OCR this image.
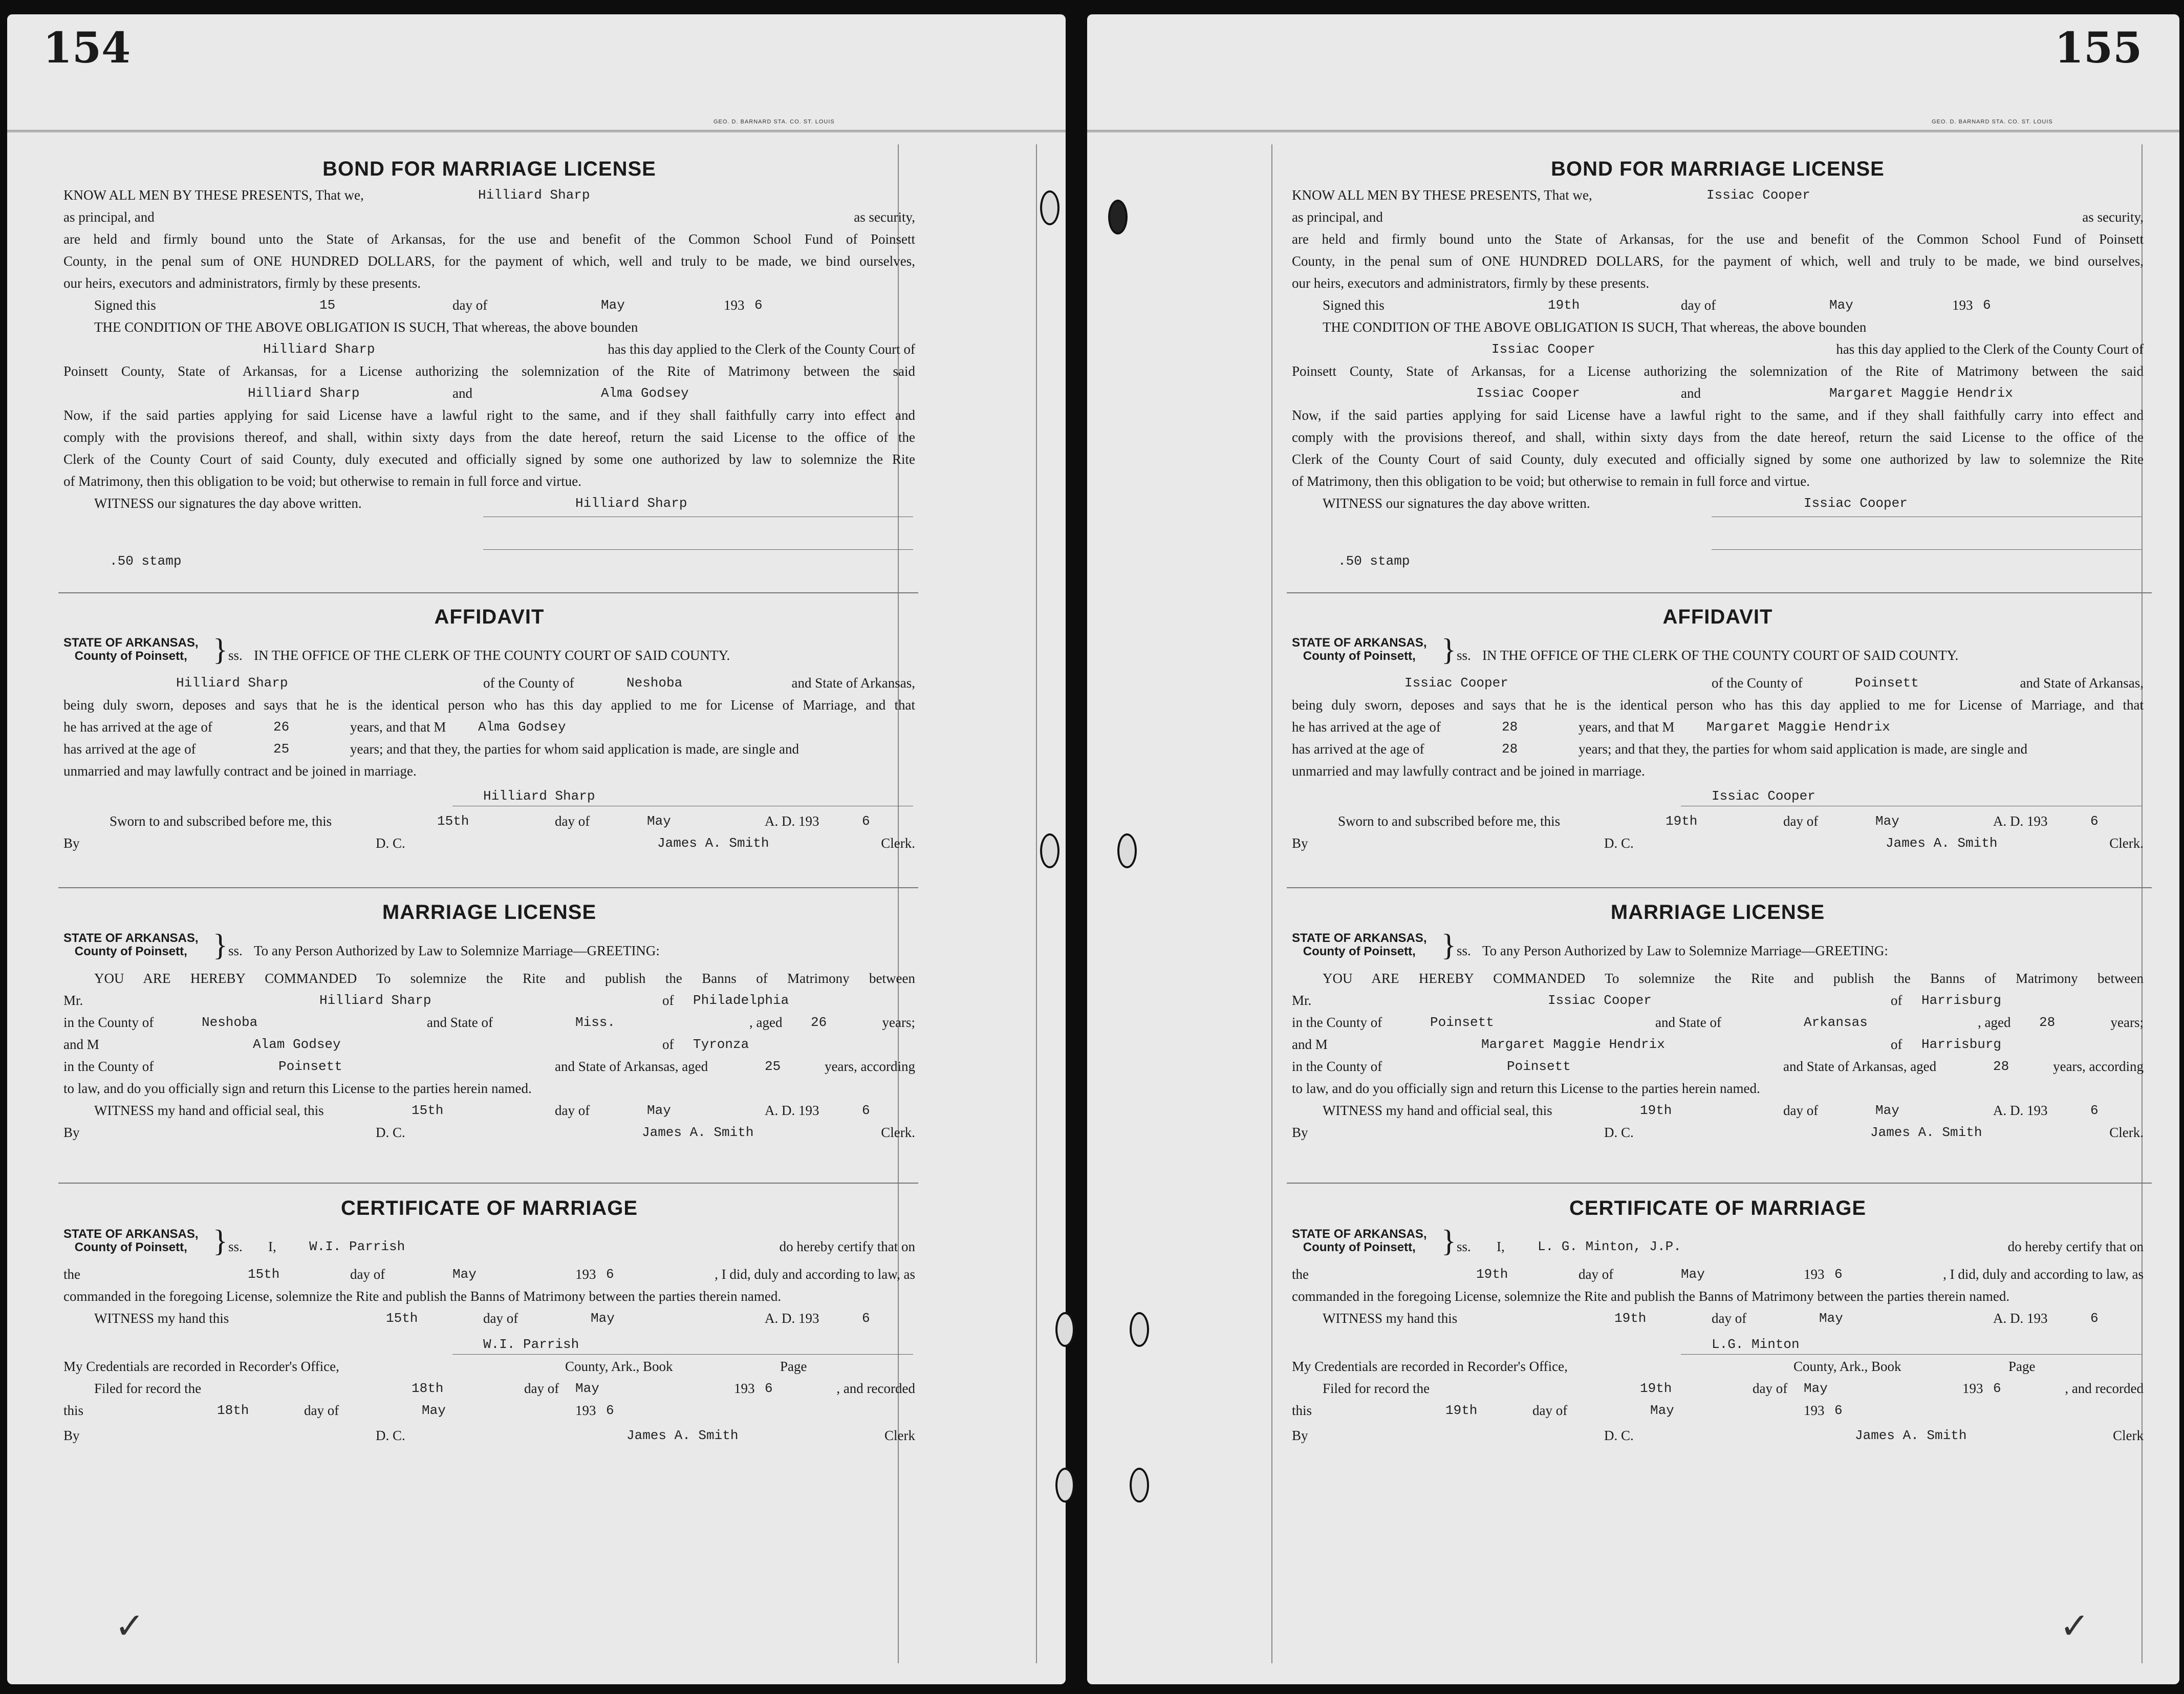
154
GEO. D. BARNARD STA. CO. ST. LOUIS
BOND FOR MARRIAGE LICENSE
KNOW ALL MEN BY THESE PRESENTS, That we,	Hilliard Sharp
as principal, and	as security,
are held and firmly bound unto the State of Arkansas, for the use and benefit of the Common School Fund of Poinsett
County, in the penal sum of ONE HUNDRED DOLLARS, for the payment of which, well and truly to be made, we bind ourselves,
our heirs, executors and administrators, firmly by these presents.
Signed this	15	day of	May	193 6
THE CONDITION OF THE ABOVE OBLIGATION IS SUCH, That whereas, the above bounden
Hilliard Sharp	has this day applied to the Clerk of the County Court of
Poinsett County, State of Arkansas, for a License authorizing the solemnization of the Rite of Matrimony between the said
Hilliard Sharp	and	Alma Godsey
Now, if the said parties applying for said License have a lawful right to the same, and if they shall faithfully carry into effect and
comply with the provisions thereof, and shall, within sixty days from the date hereof, return the said License to the office of the
Clerk of the County Court of said County, duly executed and officially signed by some one authorized by law to solemnize the Rite
of Matrimony, then this obligation to be void; but otherwise to remain in full force and virtue.
WITNESS our signatures the day above written.	Hilliard Sharp
.50 stamp
AFFIDAVIT
STATE OF ARKANSAS,
County of Poinsett, } ss. IN THE OFFICE OF THE CLERK OF THE COUNTY COURT OF SAID COUNTY.
Hilliard Sharp	of the County of	Neshoba	and State of Arkansas,
being duly sworn, deposes and says that he is the identical person who has this day applied to me for License of Marriage, and that
he has arrived at the age of	26	years, and that M Alma Godsey
has arrived at the age of	25	years; and that they, the parties for whom said application is made, are single and
unmarried and may lawfully contract and be joined in marriage.
Hilliard Sharp
Sworn to and subscribed before me, this	15th	day of	May	A. D. 193	6
By	D. C.	James A. Smith	Clerk.
MARRIAGE LICENSE
STATE OF ARKANSAS,
County of Poinsett, } ss. To any Person Authorized by Law to Solemnize Marriage—GREETING:
YOU ARE HEREBY COMMANDED To solemnize the Rite and publish the Banns of Matrimony between
Mr.	Hilliard Sharp	of Philadelphia
in the County of	Neshoba	and State of	Miss.	, aged 26	years;
and M	Alam Godsey	of Tyronza
in the County of	Poinsett	and State of Arkansas, aged	25	years, according
to law, and do you officially sign and return this License to the parties herein named.
WITNESS my hand and official seal, this	15th	day of	May	A. D. 193	6
By	D. C.	James A. Smith	Clerk.
CERTIFICATE OF MARRIAGE
STATE OF ARKANSAS,
County of Poinsett, } ss. I, W.I. Parrish	do hereby certify that on
the	15th	day of	May	193 6	, I did, duly and according to law, as
commanded in the foregoing License, solemnize the Rite and publish the Banns of Matrimony between the parties therein named.
WITNESS my hand this	15th	day of	May	A. D. 193	6
W.I. Parrish
My Credentials are recorded in Recorder's Office,	County, Ark., Book	Page
Filed for record the	18th	day of May	193 6	, and recorded
this	18th	day of	May	193 6
By	D. C.	James A. Smith	Clerk
✓
155
GEO. D. BARNARD STA. CO. ST. LOUIS
BOND FOR MARRIAGE LICENSE
KNOW ALL MEN BY THESE PRESENTS, That we,	Issiac Cooper
as principal, and	as security,
are held and firmly bound unto the State of Arkansas, for the use and benefit of the Common School Fund of Poinsett
County, in the penal sum of ONE HUNDRED DOLLARS, for the payment of which, well and truly to be made, we bind ourselves,
our heirs, executors and administrators, firmly by these presents.
Signed this	19th	day of	May	193 6
THE CONDITION OF THE ABOVE OBLIGATION IS SUCH, That whereas, the above bounden
Issiac Cooper	has this day applied to the Clerk of the County Court of
Poinsett County, State of Arkansas, for a License authorizing the solemnization of the Rite of Matrimony between the said
Issiac Cooper	and	Margaret Maggie Hendrix
Now, if the said parties applying for said License have a lawful right to the same, and if they shall faithfully carry into effect and
comply with the provisions thereof, and shall, within sixty days from the date hereof, return the said License to the office of the
Clerk of the County Court of said County, duly executed and officially signed by some one authorized by law to solemnize the Rite
of Matrimony, then this obligation to be void; but otherwise to remain in full force and virtue.
WITNESS our signatures the day above written.	Issiac Cooper
.50 stamp
AFFIDAVIT
STATE OF ARKANSAS,
County of Poinsett, } ss. IN THE OFFICE OF THE CLERK OF THE COUNTY COURT OF SAID COUNTY.
Issiac Cooper	of the County of	Poinsett	and State of Arkansas,
being duly sworn, deposes and says that he is the identical person who has this day applied to me for License of Marriage, and that
he has arrived at the age of	28	years, and that M Margaret Maggie Hendrix
has arrived at the age of	28	years; and that they, the parties for whom said application is made, are single and
unmarried and may lawfully contract and be joined in marriage.
Issiac Cooper
Sworn to and subscribed before me, this	19th	day of	May	A. D. 193	6
By	D. C.	James A. Smith	Clerk.
MARRIAGE LICENSE
STATE OF ARKANSAS,
County of Poinsett, } ss. To any Person Authorized by Law to Solemnize Marriage—GREETING:
YOU ARE HEREBY COMMANDED To solemnize the Rite and publish the Banns of Matrimony between
Mr.	Issiac Cooper	of Harrisburg
in the County of	Poinsett	and State of	Arkansas	, aged 28	years;
and M	Margaret Maggie Hendrix	of Harrisburg
in the County of	Poinsett	and State of Arkansas, aged	28	years, according
to law, and do you officially sign and return this License to the parties herein named.
WITNESS my hand and official seal, this	19th	day of	May	A. D. 193	6
By	D. C.	James A. Smith	Clerk.
CERTIFICATE OF MARRIAGE
STATE OF ARKANSAS,
County of Poinsett, } ss. I, L. G. Minton, J.P.	do hereby certify that on
the	19th	day of	May	193 6	, I did, duly and according to law, as
commanded in the foregoing License, solemnize the Rite and publish the Banns of Matrimony between the parties therein named.
WITNESS my hand this	19th	day of	May	A. D. 193	6
L.G. Minton
My Credentials are recorded in Recorder's Office,	County, Ark., Book	Page
Filed for record the	19th	day of May	193 6	, and recorded
this	19th	day of	May	193 6
By	D. C.	James A. Smith	Clerk
✓
